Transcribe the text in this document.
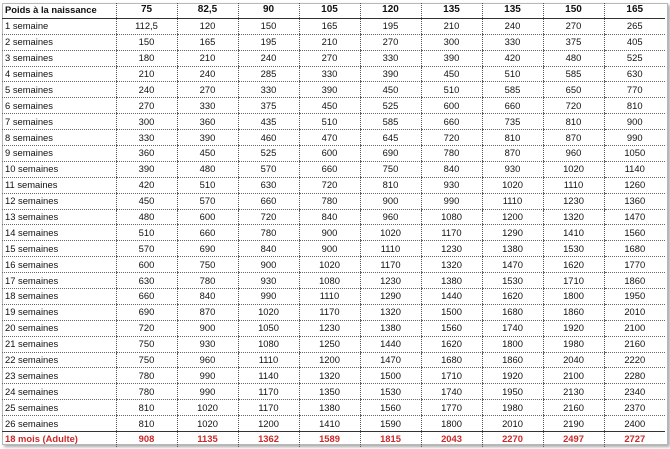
Poids à la naissance	75	82,5	90	105	120	135	135	150	165
1 semaine	112,5	120	150	165	195	210	240	270	265
2 semaines	150	165	195	210	270	300	330	375	405
3 semaines	180	210	240	270	330	390	420	480	525
4 semaines	210	240	285	330	390	450	510	585	630
5 semaines	240	270	330	390	450	510	585	650	770
6 semaines	270	330	375	450	525	600	660	720	810
7 semaines	300	360	435	510	585	660	735	810	900
8 semaines	330	390	460	470	645	720	810	870	990
9 semaines	360	450	525	600	690	780	870	960	1050
10 semaines	390	480	570	660	750	840	930	1020	1140
11 semaines	420	510	630	720	810	930	1020	1110	1260
12 semaines	450	570	660	780	900	990	1110	1230	1360
13 semaines	480	600	720	840	960	1080	1200	1320	1470
14 semaines	510	660	780	900	1020	1170	1290	1410	1560
15 semaines	570	690	840	900	1110	1230	1380	1530	1680
16 semaines	600	750	900	1020	1170	1320	1470	1620	1770
17 semaines	630	780	930	1080	1230	1380	1530	1710	1860
18 semaines	660	840	990	1110	1290	1440	1620	1800	1950
19 semaines	690	870	1020	1170	1320	1500	1680	1860	2010
20 semaines	720	900	1050	1230	1380	1560	1740	1920	2100
21 semaines	750	930	1080	1250	1440	1620	1800	1980	2160
22 semaines	750	960	1110	1200	1470	1680	1860	2040	2220
23 semaines	780	990	1140	1320	1500	1710	1920	2100	2280
24 semaines	780	990	1170	1350	1530	1740	1950	2130	2340
25 semaines	810	1020	1170	1380	1560	1770	1980	2160	2370
26 semaines	810	1020	1200	1410	1590	1800	2010	2190	2400
18 mois (Adulte)	908	1135	1362	1589	1815	2043	2270	2497	2727
